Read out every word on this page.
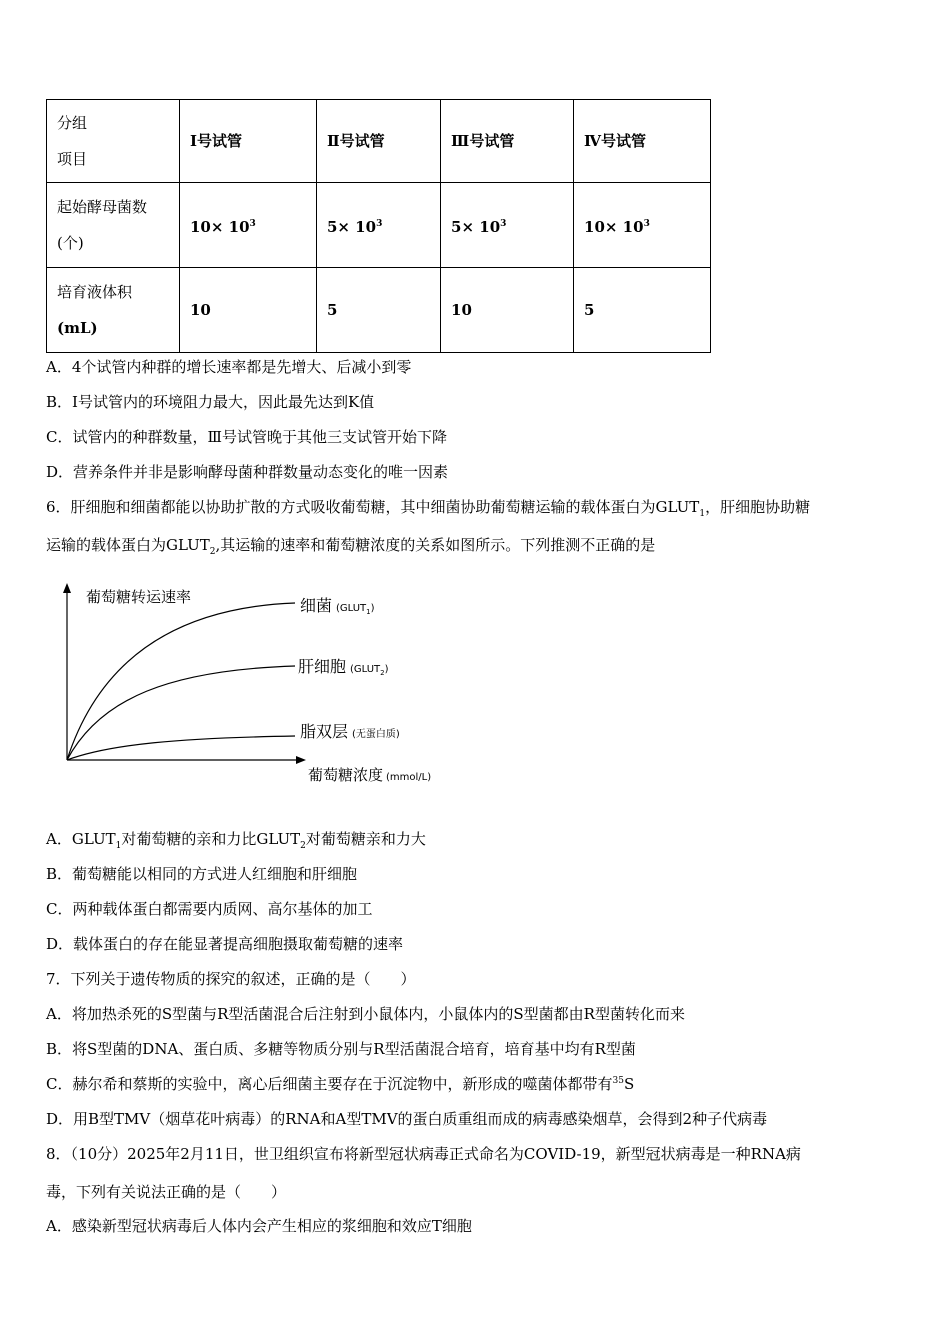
分组
项目	Ⅰ号试管	Ⅱ号试管	Ⅲ号试管	Ⅳ号试管

起始酵母菌数
(个)	$10\times 10^3$	$5\times 10^3$	$5\times 10^3$	$10\times 10^3$

培育液体积
(mL)	10	5	10	5
A．4个试管内种群的增长速率都是先增大、后减小到零
B．Ⅰ号试管内的环境阻力最大，因此最先达到K值
C．试管内的种群数量，Ⅲ号试管晚于其他三支试管开始下降
D．营养条件并非是影响酵母菌种群数量动态变化的唯一因素
6．肝细胞和细菌都能以协助扩散的方式吸收葡萄糖，其中细菌协助葡萄糖运输的载体蛋白为$GLUT_1$，肝细胞协助糖
运输的载体蛋白为$GLUT_2$,其运输的速率和葡萄糖浓度的关系如图所示。下列推测不正确的是
葡萄糖转运速率	细菌 (GLUT1)
肝细胞 (GLUT2)
脂双层 (无蛋白质)
葡萄糖浓度 (mmol/L)
A．$GLUT_1$对葡萄糖的亲和力比$GLUT_2$对葡萄糖亲和力大
B．葡萄糖能以相同的方式进人红细胞和肝细胞
C．两种载体蛋白都需要内质网、高尔基体的加工
D．载体蛋白的存在能显著提高细胞摄取葡萄糖的速率
7．下列关于遗传物质的探究的叙述，正确的是（　　）
A．将加热杀死的S型菌与R型活菌混合后注射到小鼠体内，小鼠体内的S型菌都由R型菌转化而来
B．将S型菌的DNA、蛋白质、多糖等物质分别与R型活菌混合培育，培育基中均有R型菌
C．赫尔希和蔡斯的实验中，离心后细菌主要存在于沉淀物中，新形成的噬菌体都带有$^{35}$S
D．用B型TMV（烟草花叶病毒）的RNA和A型TMV的蛋白质重组而成的病毒感染烟草，会得到2种子代病毒
8．（10分）2025年2月11日，世卫组织宣布将新型冠状病毒正式命名为COVID-19，新型冠状病毒是一种RNA病
毒，下列有关说法正确的是（　　）
A．感染新型冠状病毒后人体内会产生相应的浆细胞和效应T细胞
